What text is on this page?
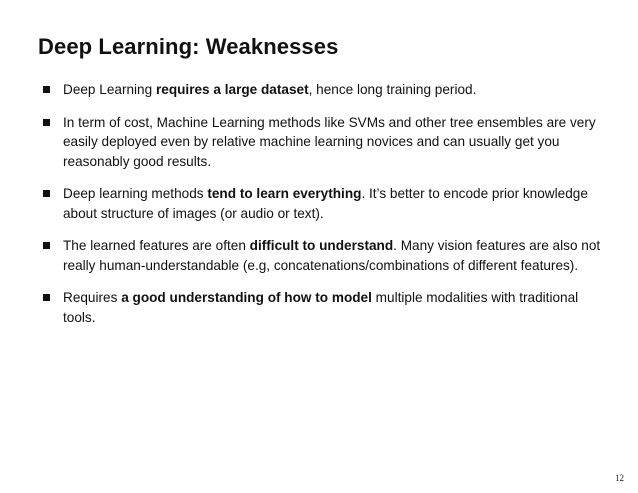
Deep Learning: Weaknesses
Deep Learning requires a large dataset, hence long training period.
In term of cost, Machine Learning methods like SVMs and other tree ensembles are very easily deployed even by relative machine learning novices and can usually get you reasonably good results.
Deep learning methods tend to learn everything. It’s better to encode prior knowledge about structure of images (or audio or text).
The learned features are often difficult to understand. Many vision features are also not really human-understandable (e.g, concatenations/combinations of different features).
Requires a good understanding of how to model multiple modalities with traditional tools.
12
